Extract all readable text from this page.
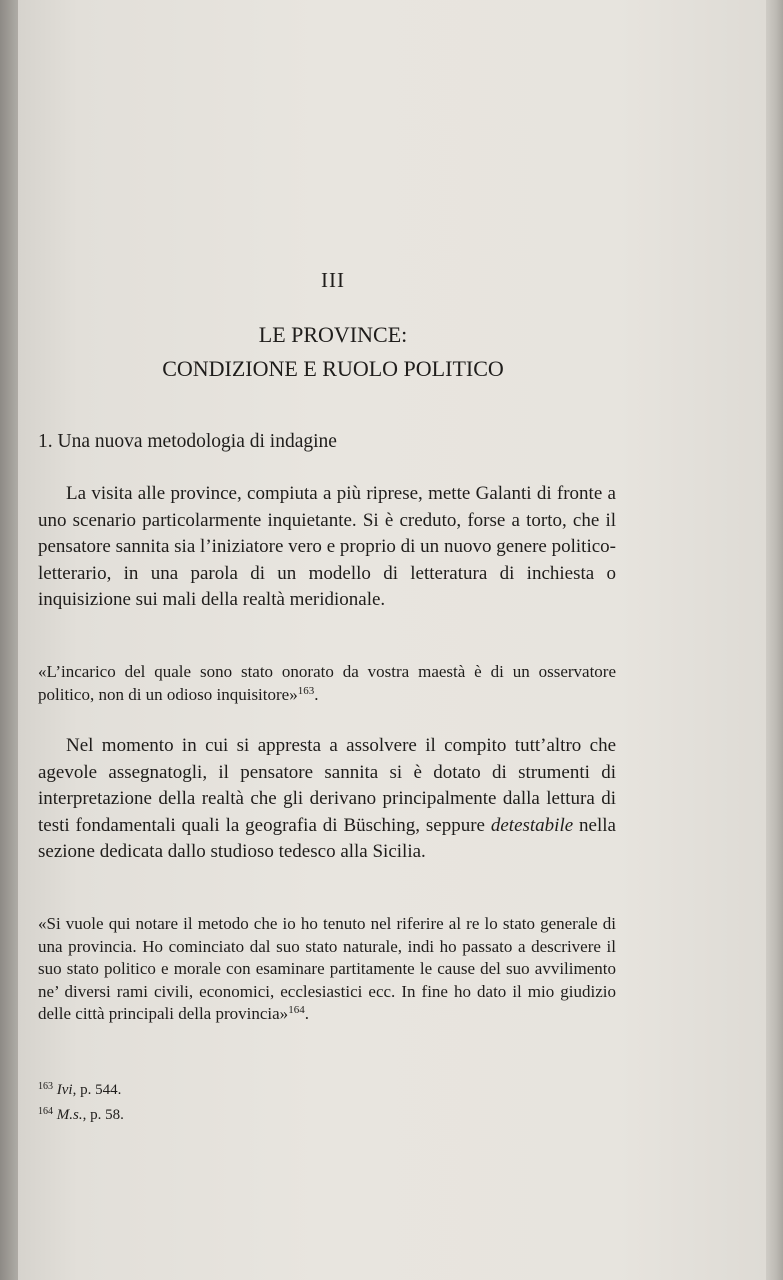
III
LE PROVINCE:
CONDIZIONE E RUOLO POLITICO
1. Una nuova metodologia di indagine
La visita alle province, compiuta a più riprese, mette Galanti di fronte a uno scenario particolarmente inquietante. Si è creduto, forse a torto, che il pensatore sannita sia l’iniziatore vero e proprio di un nuovo genere politico-letterario, in una parola di un modello di letteratura di inchiesta o inquisizione sui mali della realtà meridionale.
«L’incarico del quale sono stato onorato da vostra maestà è di un osservatore politico, non di un odioso inquisitore»$^{163}$.
Nel momento in cui si appresta a assolvere il compito tutt’altro che agevole assegnatogli, il pensatore sannita si è dotato di strumenti di interpretazione della realtà che gli derivano principalmente dalla lettura di testi fondamentali quali la geografia di Büsching, seppure detestabile nella sezione dedicata dallo studioso tedesco alla Sicilia.
«Si vuole qui notare il metodo che io ho tenuto nel riferire al re lo stato generale di una provincia. Ho cominciato dal suo stato naturale, indi ho passato a descrivere il suo stato politico e morale con esaminare partitamente le cause del suo avvilimento ne’ diversi rami civili, economici, ecclesiastici ecc. In fine ho dato il mio giudizio delle città principali della provincia»$^{164}$.
$^{163}$ Ivi, p. 544.
$^{164}$ M.s., p. 58.
